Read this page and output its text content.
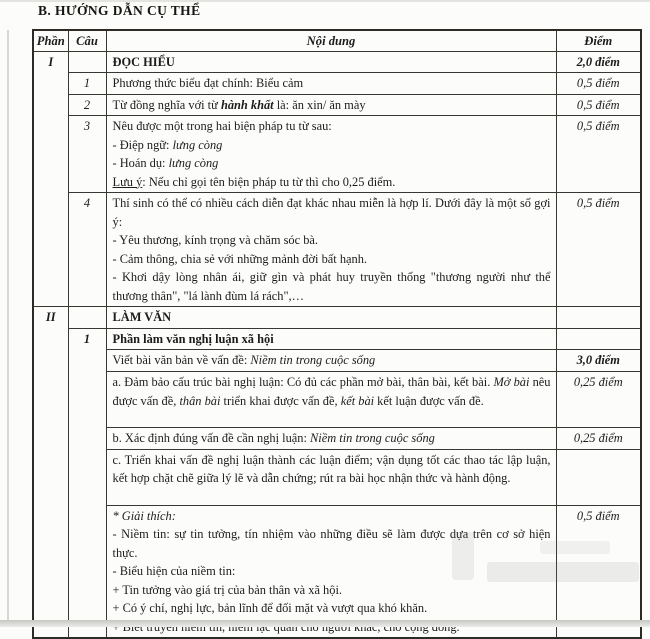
B. HƯỚNG DẪN CỤ THỂ
Phần	Câu	Nội dung	Điểm
I		ĐỌC HIỂU	2,0 điểm
	1	Phương thức biểu đạt chính: Biểu cảm	0,5 điểm
	2	Từ đồng nghĩa với từ hành khất là: ăn xin/ ăn mày	0,5 điểm
	3	Nêu được một trong hai biện pháp tu từ sau:
- Điệp ngữ: lưng còng
- Hoán dụ: lưng còng
Lưu ý: Nếu chỉ gọi tên biện pháp tu từ thì cho 0,25 điểm.	0,5 điểm
	4	Thí sinh có thể có nhiều cách diễn đạt khác nhau miễn là hợp lí. Dưới đây là một số gợi ý:
- Yêu thương, kính trọng và chăm sóc bà.
- Cảm thông, chia sẻ với những mảnh đời bất hạnh.
- Khơi dậy lòng nhân ái, giữ gìn và phát huy truyền thống "thương người như thể thương thân", "lá lành đùm lá rách",…	0,5 điểm
II		LÀM VĂN	

	1	Phần làm văn nghị luận xã hội	

		Viết bài văn bản về vấn đề: Niềm tin trong cuộc sống	3,0 điểm

		a. Đảm bảo cấu trúc bài nghị luận: Có đủ các phần mở bài, thân bài, kết bài. Mở bài nêu được vấn đề, thân bài triển khai được vấn đề, kết bài kết luận được vấn đề.	0,25 điểm

		b. Xác định đúng vấn đề cần nghị luận: Niềm tin trong cuộc sống	0,25 điểm

		c. Triển khai vấn đề nghị luận thành các luận điểm; vận dụng tốt các thao tác lập luận, kết hợp chặt chẽ giữa lý lẽ và dẫn chứng; rút ra bài học nhận thức và hành động.	

* Giải thích:
- Niềm tin: sự tin tưởng, tín nhiệm vào những điều sẽ làm được dựa trên cơ sở hiện thực.
- Biểu hiện của niềm tin:
+ Tin tưởng vào giá trị của bản thân và xã hội.
+ Có ý chí, nghị lực, bản lĩnh để đối mặt và vượt qua khó khăn.
	0,5 điểm
